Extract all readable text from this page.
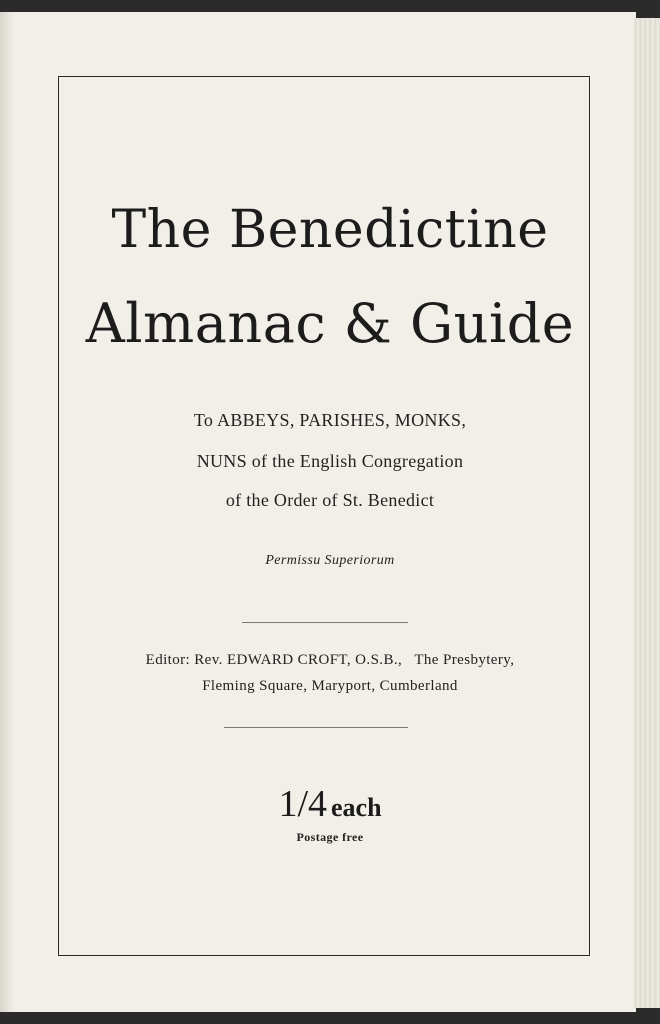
The Benedictine
Almanac & Guide
To ABBEYS, PARISHES, MONKS,
NUNS of the English Congregation
of the Order of St. Benedict
Permissu Superiorum
Editor: Rev. EDWARD CROFT, O.S.B.,   The Presbytery,
Fleming Square, Maryport, Cumberland
1/4 each
Postage free
